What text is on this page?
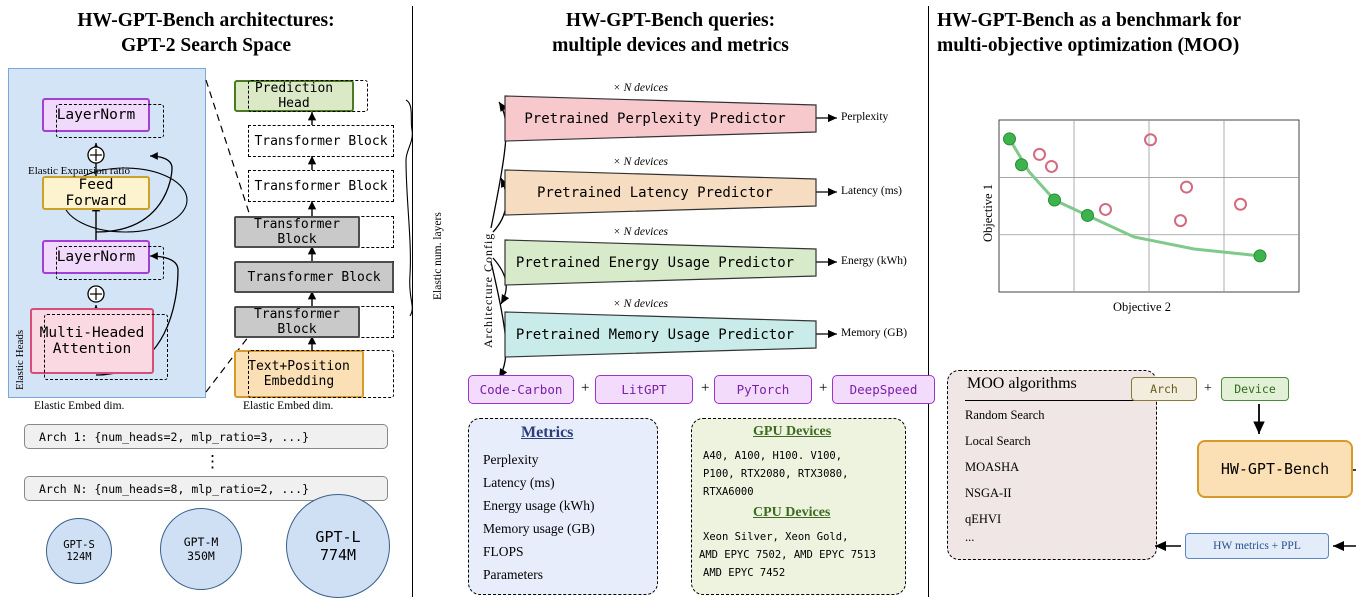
HW-GPT-Bench architectures:
GPT-2 Search Space
LayerNorm
Feed Forward
LayerNorm
Multi-Headed
Attention
Elastic Expansion ratio
Elastic Heads
Elastic Embed dim.	Elastic Embed dim.
Elastic num. layers
Prediction Head
Transformer Block
Transformer Block
Transformer Block
Transformer Block
Transformer Block
Text+Position
Embedding
Arch 1: {num_heads=2, mlp_ratio=3, ...}
⋮
Arch N: {num_heads=8, mlp_ratio=2, ...}
GPT-S
124M
GPT-M
350M
GPT-L
774M
HW-GPT-Bench queries:
multiple devices and metrics
Architecture Config
× N devices
× N devices
× N devices
× N devices
Pretrained Perplexity Predictor
Pretrained Latency Predictor
Pretrained Energy Usage Predictor
Pretrained Memory Usage Predictor
Perplexity
Latency (ms)
Energy (kWh)
Memory (GB)
Code-Carbon +	LitGPT + PyTorch + DeepSpeed
Metrics
Perplexity
Latency (ms)
Energy usage (kWh)
Memory usage (GB)
FLOPS
Parameters
GPU Devices
A40, A100, H100. V100,
P100, RTX2080, RTX3080,
RTXA6000
CPU Devices
Xeon Silver, Xeon Gold,
AMD EPYC 7502, AMD EPYC 7513
AMD EPYC 7452
HW-GPT-Bench as a benchmark for
multi-objective optimization (MOO)
Objective 1
Objective 2
MOO algorithms
Random Search
Local Search
MOASHA
NSGA-II
qEHVI
...
Arch + Device
HW-GPT-Bench
HW metrics + PPL
